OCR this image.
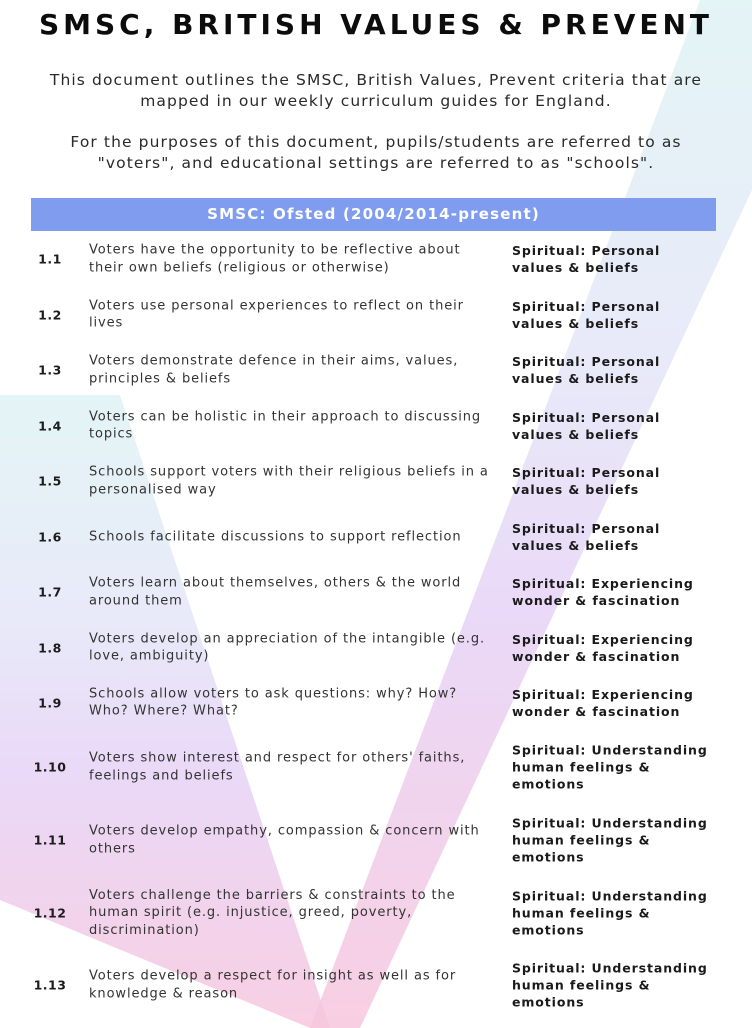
SMSC, BRITISH VALUES & PREVENT
This document outlines the SMSC, British Values, Prevent criteria that are mapped in our weekly curriculum guides for England.
For the purposes of this document, pupils/students are referred to as "voters", and educational settings are referred to as "schools".
SMSC: Ofsted (2004/2014-present)
1.1
Voters have the opportunity to be reflective about their own beliefs (religious or otherwise)
Spiritual: Personal values & beliefs
1.2
Voters use personal experiences to reflect on their lives
Spiritual: Personal values & beliefs
1.3
Voters demonstrate defence in their aims, values, principles & beliefs
Spiritual: Personal values & beliefs
1.4
Voters can be holistic in their approach to discussing topics
Spiritual: Personal values & beliefs
1.5
Schools support voters with their religious beliefs in a personalised way
Spiritual: Personal values & beliefs
1.6	Schools facilitate discussions to support reflection
Spiritual: Personal values & beliefs
1.7
Voters learn about themselves, others & the world around them
Spiritual: Experiencing wonder & fascination
1.8
Voters develop an appreciation of the intangible (e.g. love, ambiguity)
Spiritual: Experiencing wonder & fascination
1.9
Schools allow voters to ask questions: why? How? Who? Where? What?
Spiritual: Experiencing wonder & fascination
1.10
Voters show interest and respect for others' faiths, feelings and beliefs
Spiritual: Understanding human feelings & emotions
1.11
Voters develop empathy, compassion & concern with others
Spiritual: Understanding human feelings & emotions
1.12
Voters challenge the barriers & constraints to the human spirit (e.g. injustice, greed, poverty, discrimination)
Spiritual: Understanding human feelings & emotions
1.13
Voters develop a respect for insight as well as for knowledge & reason
Spiritual: Understanding human feelings & emotions
